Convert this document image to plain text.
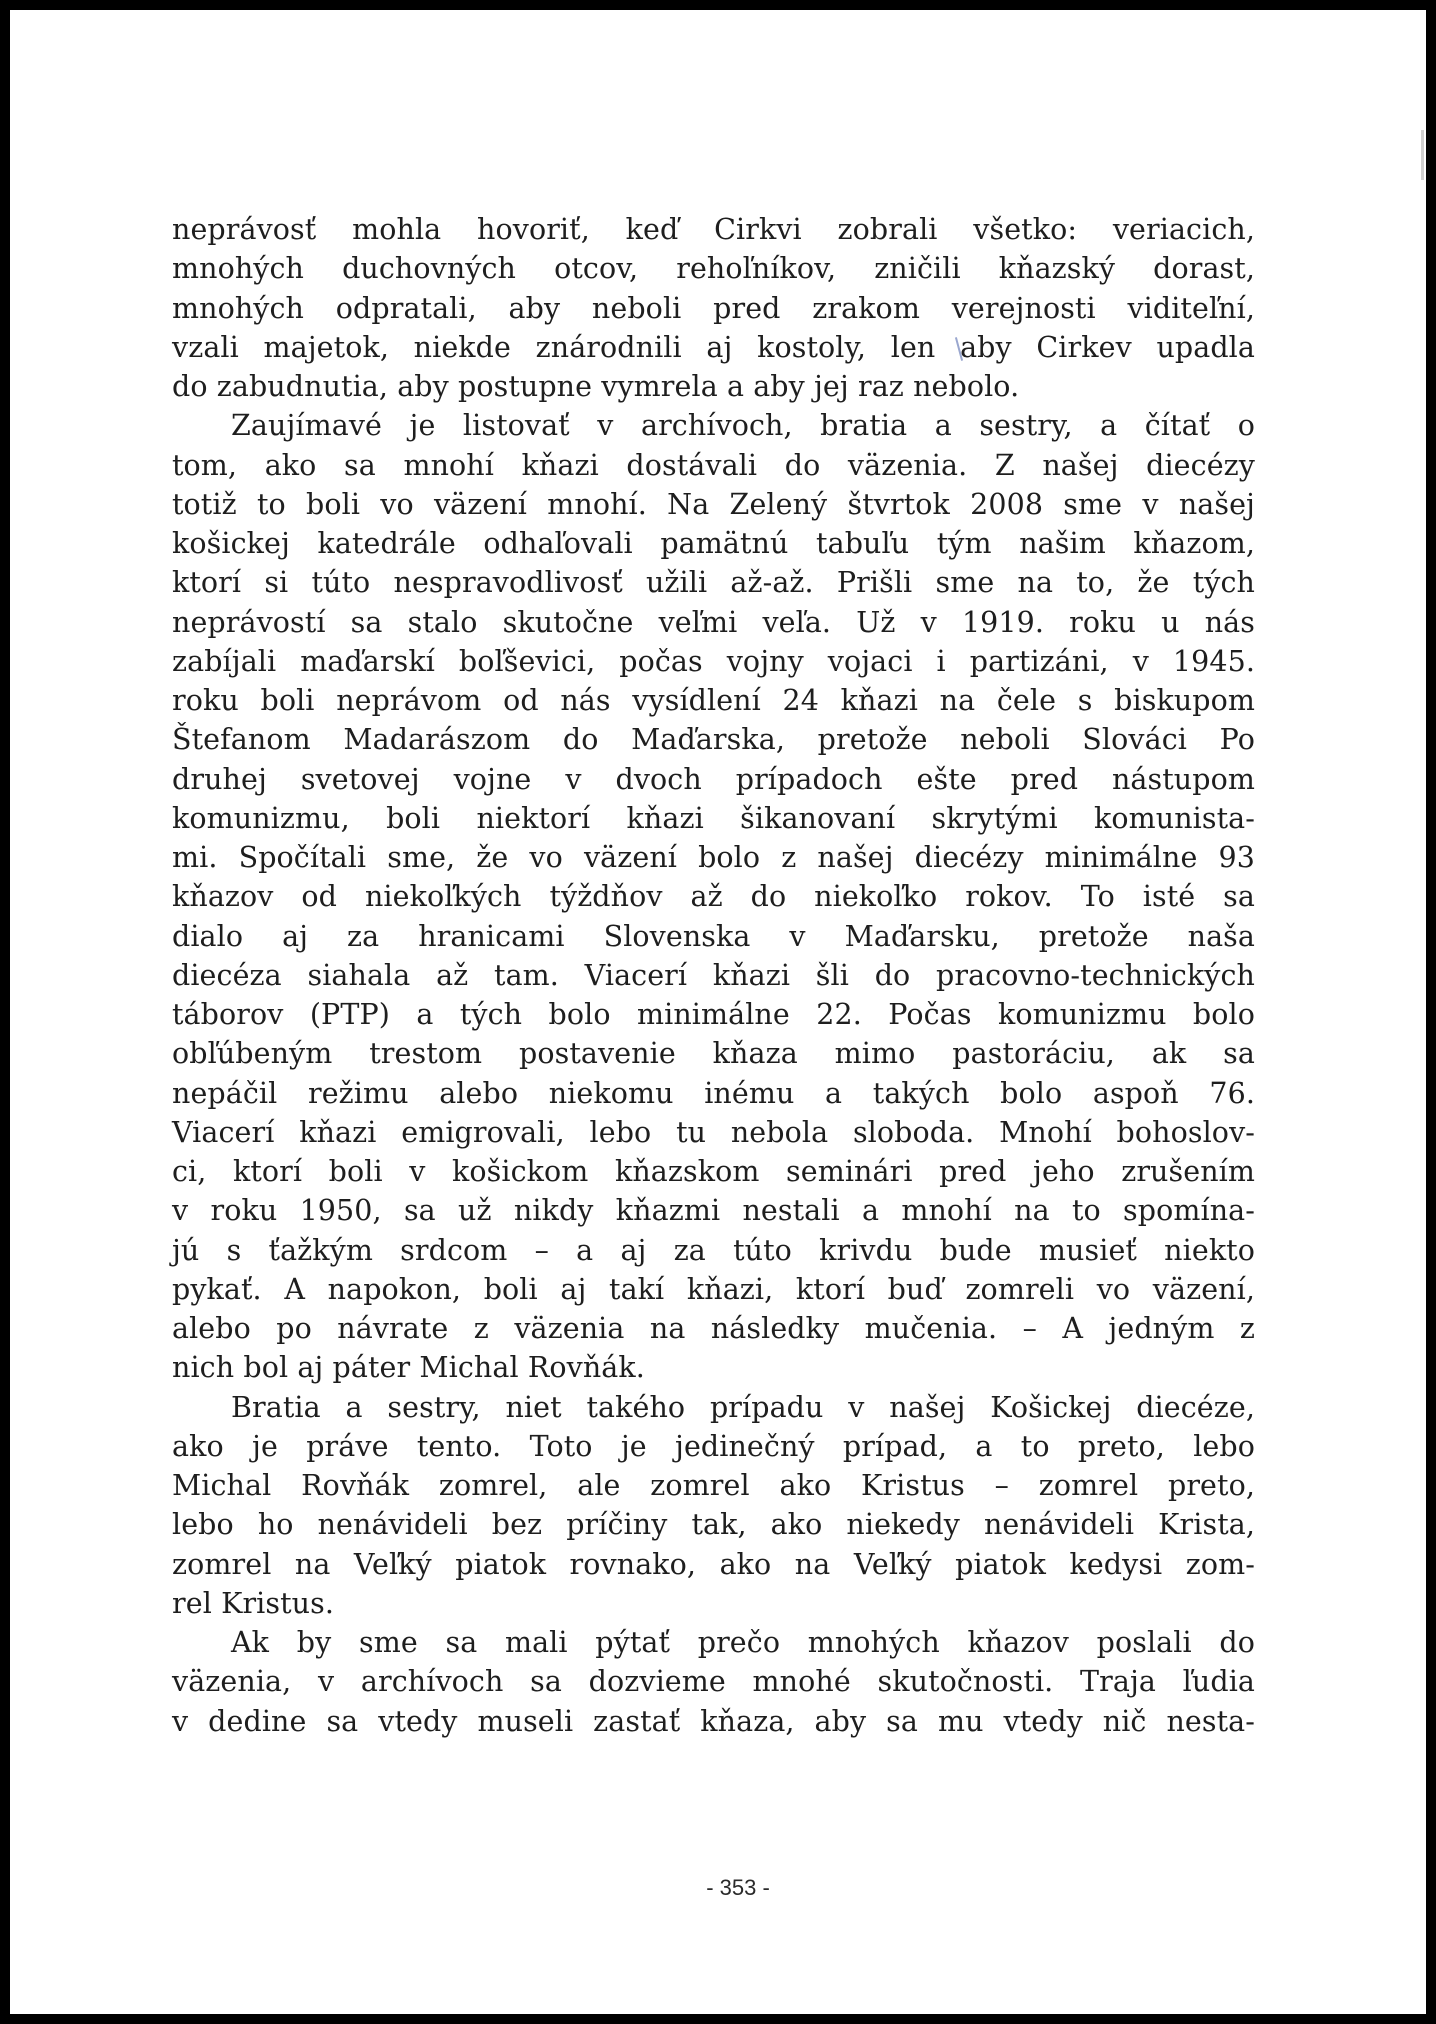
neprávosť mohla hovoriť, keď Cirkvi zobrali všetko: veriacich,
mnohých duchovných otcov, rehoľníkov, zničili kňazský dorast,
mnohých odpratali, aby neboli pred zrakom verejnosti viditeľní,
vzali majetok, niekde znárodnili aj kostoly, len aby Cirkev upadla
do zabudnutia, aby postupne vymrela a aby jej raz nebolo.
Zaujímavé je listovať v archívoch, bratia a sestry, a čítať o
tom, ako sa mnohí kňazi dostávali do väzenia. Z našej diecézy
totiž to boli vo väzení mnohí. Na Zelený štvrtok 2008 sme v našej
košickej katedrále odhaľovali pamätnú tabuľu tým našim kňazom,
ktorí si túto nespravodlivosť užili až-až. Prišli sme na to, že tých
neprávostí sa stalo skutočne veľmi veľa. Už v 1919. roku u nás
zabíjali maďarskí boľševici, počas vojny vojaci i partizáni, v 1945.
roku boli neprávom od nás vysídlení 24 kňazi na čele s biskupom
Štefanom Madarászom do Maďarska, pretože neboli Slováci Po
druhej svetovej vojne v dvoch prípadoch ešte pred nástupom
komunizmu, boli niektorí kňazi šikanovaní skrytými komunista-
mi. Spočítali sme, že vo väzení bolo z našej diecézy minimálne 93
kňazov od niekoľkých týždňov až do niekoľko rokov. To isté sa
dialo aj za hranicami Slovenska v Maďarsku, pretože naša
diecéza siahala až tam. Viacerí kňazi šli do pracovno-technických
táborov (PTP) a tých bolo minimálne 22. Počas komunizmu bolo
obľúbeným trestom postavenie kňaza mimo pastoráciu, ak sa
nepáčil režimu alebo niekomu inému a takých bolo aspoň 76.
Viacerí kňazi emigrovali, lebo tu nebola sloboda. Mnohí bohoslov-
ci, ktorí boli v košickom kňazskom seminári pred jeho zrušením
v roku 1950, sa už nikdy kňazmi nestali a mnohí na to spomína-
jú s ťažkým srdcom – a aj za túto krivdu bude musieť niekto
pykať. A napokon, boli aj takí kňazi, ktorí buď zomreli vo väzení,
alebo po návrate z väzenia na následky mučenia. – A jedným z
nich bol aj páter Michal Rovňák.
Bratia a sestry, niet takého prípadu v našej Košickej diecéze,
ako je práve tento. Toto je jedinečný prípad, a to preto, lebo
Michal Rovňák zomrel, ale zomrel ako Kristus – zomrel preto,
lebo ho nenávideli bez príčiny tak, ako niekedy nenávideli Krista,
zomrel na Veľký piatok rovnako, ako na Veľký piatok kedysi zom-
rel Kristus.
Ak by sme sa mali pýtať prečo mnohých kňazov poslali do
väzenia, v archívoch sa dozvieme mnohé skutočnosti. Traja ľudia
v dedine sa vtedy museli zastať kňaza, aby sa mu vtedy nič nesta-
- 353 -
